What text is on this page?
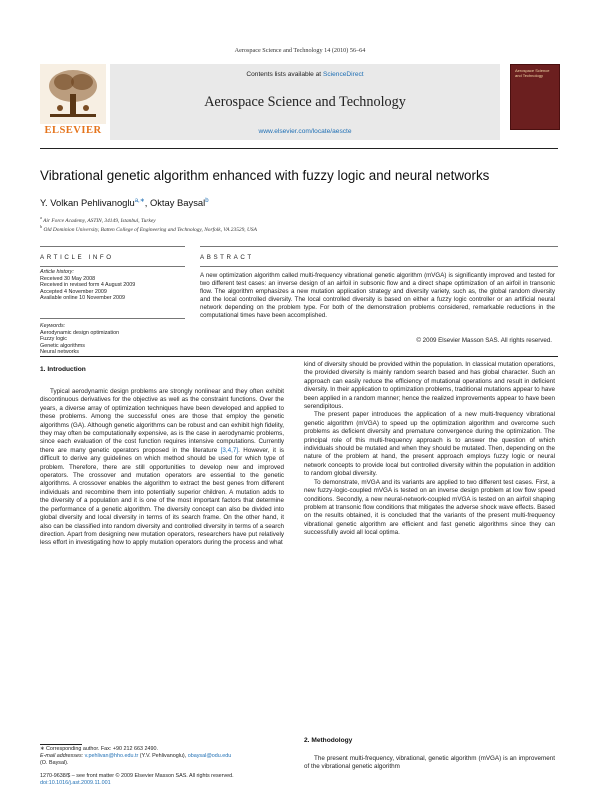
Aerospace Science and Technology 14 (2010) 56–64
ELSEVIER
Contents lists available at ScienceDirect
Aerospace Science and Technology
www.elsevier.com/locate/aescte
Aerospace Science and Technology
Vibrational genetic algorithm enhanced with fuzzy logic and neural networks
Y. Volkan Pehlivanoglu$^{a,∗}$, Oktay Baysal$^b$
$^a$ Air Force Academy, ASTIN, 34149, Istanbul, Turkey
$^b$ Old Dominion University, Batten College of Engineering and Technology, Norfolk, VA 23529, USA
ARTICLE INFO
Article history:
Received 30 May 2008
Received in revised form 4 August 2009
Accepted 4 November 2009
Available online 10 November 2009
Keywords:
Aerodynamic design optimization
Fuzzy logic
Genetic algorithms
Neural networks
ABSTRACT
A new optimization algorithm called multi-frequency vibrational genetic algorithm (mVGA) is significantly improved and tested for two different test cases: an inverse design of an airfoil in subsonic flow and a direct shape optimization of an airfoil in transonic flow. The algorithm emphasizes a new mutation application strategy and diversity variety, such as, the global random diversity and the local controlled diversity. The local controlled diversity is based on either a fuzzy logic controller or an artificial neural network depending on the problem type. For both of the demonstration problems considered, remarkable reductions in the computational times have been accomplished.
© 2009 Elsevier Masson SAS. All rights reserved.
1. Introduction

Typical aerodynamic design problems are strongly nonlinear and they often exhibit discontinuous derivatives for the objective as well as the constraint functions. Over the years, a diverse array of optimization techniques have been developed and applied to these problems. Among the successful ones are those that employ the genetic algorithms (GA). Although genetic algorithms can be robust and can exhibit high fidelity, they may often be computationally expensive, as is the case in aerodynamic problems, since each evaluation of the cost function requires intensive computations. Currently there are many genetic operators proposed in the literature [3,4,7]. However, it is difficult to derive any guidelines on which method should be used for which type of problem. Therefore, there are still opportunities to develop new and improved operators. The crossover and mutation operators are essential to the genetic algorithms. A crossover enables the algorithm to extract the best genes from different individuals and recombine them into potentially superior children. A mutation adds to the diversity of a population and it is one of the most important factors that determine the performance of a genetic algorithm. The diversity concept can also be divided into global diversity and local diversity in terms of its search frame. On the other hand, it also can be classified into random diversity and controlled diversity in terms of a search direction. Apart from designing new mutation operators, researchers have put relatively less effort in investigating how to apply mutation operators during the process and what

kind of diversity should be provided within the population. In classical mutation operations, the provided diversity is mainly random search based and has global character. Such an approach can easily reduce the efficiency of mutational operations and result in deficient diversity. In their application to optimization problems, traditional mutations appear to have been applied in a random manner; hence the realized improvements appear to have been serendipitous.

The present paper introduces the application of a new multi-frequency vibrational genetic algorithm (mVGA) to speed up the optimization algorithm and overcome such problems as deficient diversity and premature convergence during the optimization. The principal role of this multi-frequency approach is to answer the question of which individuals should be mutated and when they should be mutated. Then, depending on the nature of the problem at hand, the present approach employs fuzzy logic or neural network concepts to provide local but controlled diversity within the population in addition to random global diversity.

To demonstrate, mVGA and its variants are applied to two different test cases. First, a new fuzzy-logic-coupled mVGA is tested on an inverse design problem at low flow speed conditions. Secondly, a new neural-network-coupled mVGA is tested on an airfoil shaping problem at transonic flow conditions that mitigates the adverse shock wave effects. Based on the results obtained, it is concluded that the variants of the present multi-frequency vibrational genetic algorithm are efficient and fast genetic algorithms since they can successfully avoid all local optima.

2. Methodology

The present multi-frequency, vibrational, genetic algorithm (mVGA) is an improvement of the vibrational genetic algorithm

∗ Corresponding author. Fax: +90 212 663 2490.
E-mail addresses: v.pehlivan@hho.edu.tr (Y.V. Pehlivanoglu), obaysal@odu.edu
(O. Baysal).
1270-9638/$ – see front matter © 2009 Elsevier Masson SAS. All rights reserved.
doi:10.1016/j.ast.2009.11.001
